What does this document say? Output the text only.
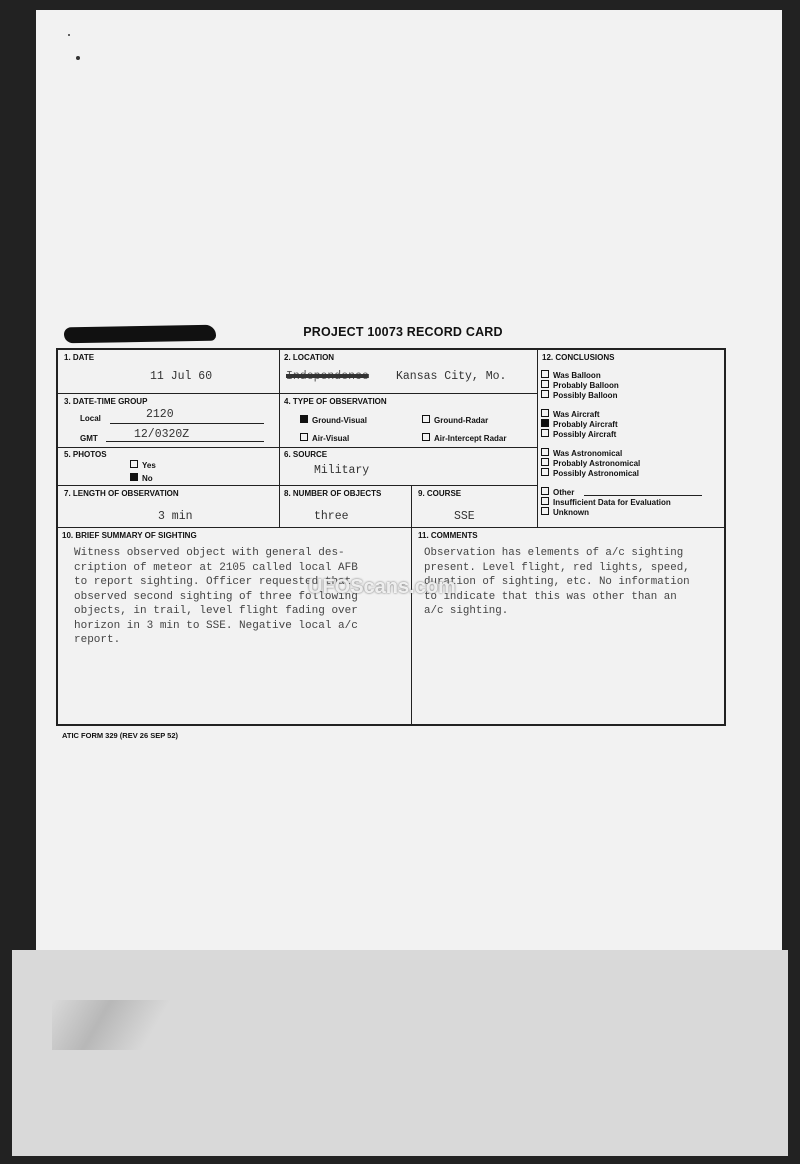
PROJECT 10073 RECORD CARD
1. DATE
11 Jul 60
2. LOCATION
Independence Kansas City, Mo.
3. DATE-TIME GROUP
Local	2120
GMT	12/0320Z
4. TYPE OF OBSERVATION
Ground-Visual	Ground-Radar
Air-Visual	Air-Intercept Radar
5. PHOTOS
Yes
No
6. SOURCE
Military
7. LENGTH OF OBSERVATION
3 min
8. NUMBER OF OBJECTS
three
9. COURSE
SSE
12. CONCLUSIONS
Was Balloon
Probably Balloon
Possibly Balloon
Was Aircraft
Probably Aircraft
Possibly Aircraft
Was Astronomical
Probably Astronomical
Possibly Astronomical
Other
Insufficient Data for Evaluation
Unknown
10. BRIEF SUMMARY OF SIGHTING
Witness observed object with general des-
cription of meteor at 2105 called local AFB
to report sighting. Officer requested that
observed second sighting of three following
objects, in trail, level flight fading over
horizon in 3 min to SSE. Negative local a/c
report.
11. COMMENTS
Observation has elements of a/c sighting
present. Level flight, red lights, speed,
duration of sighting, etc. No information
to indicate that this was other than an
a/c sighting.
UFOScans.com
ATIC FORM 329 (REV 26 SEP 52)
